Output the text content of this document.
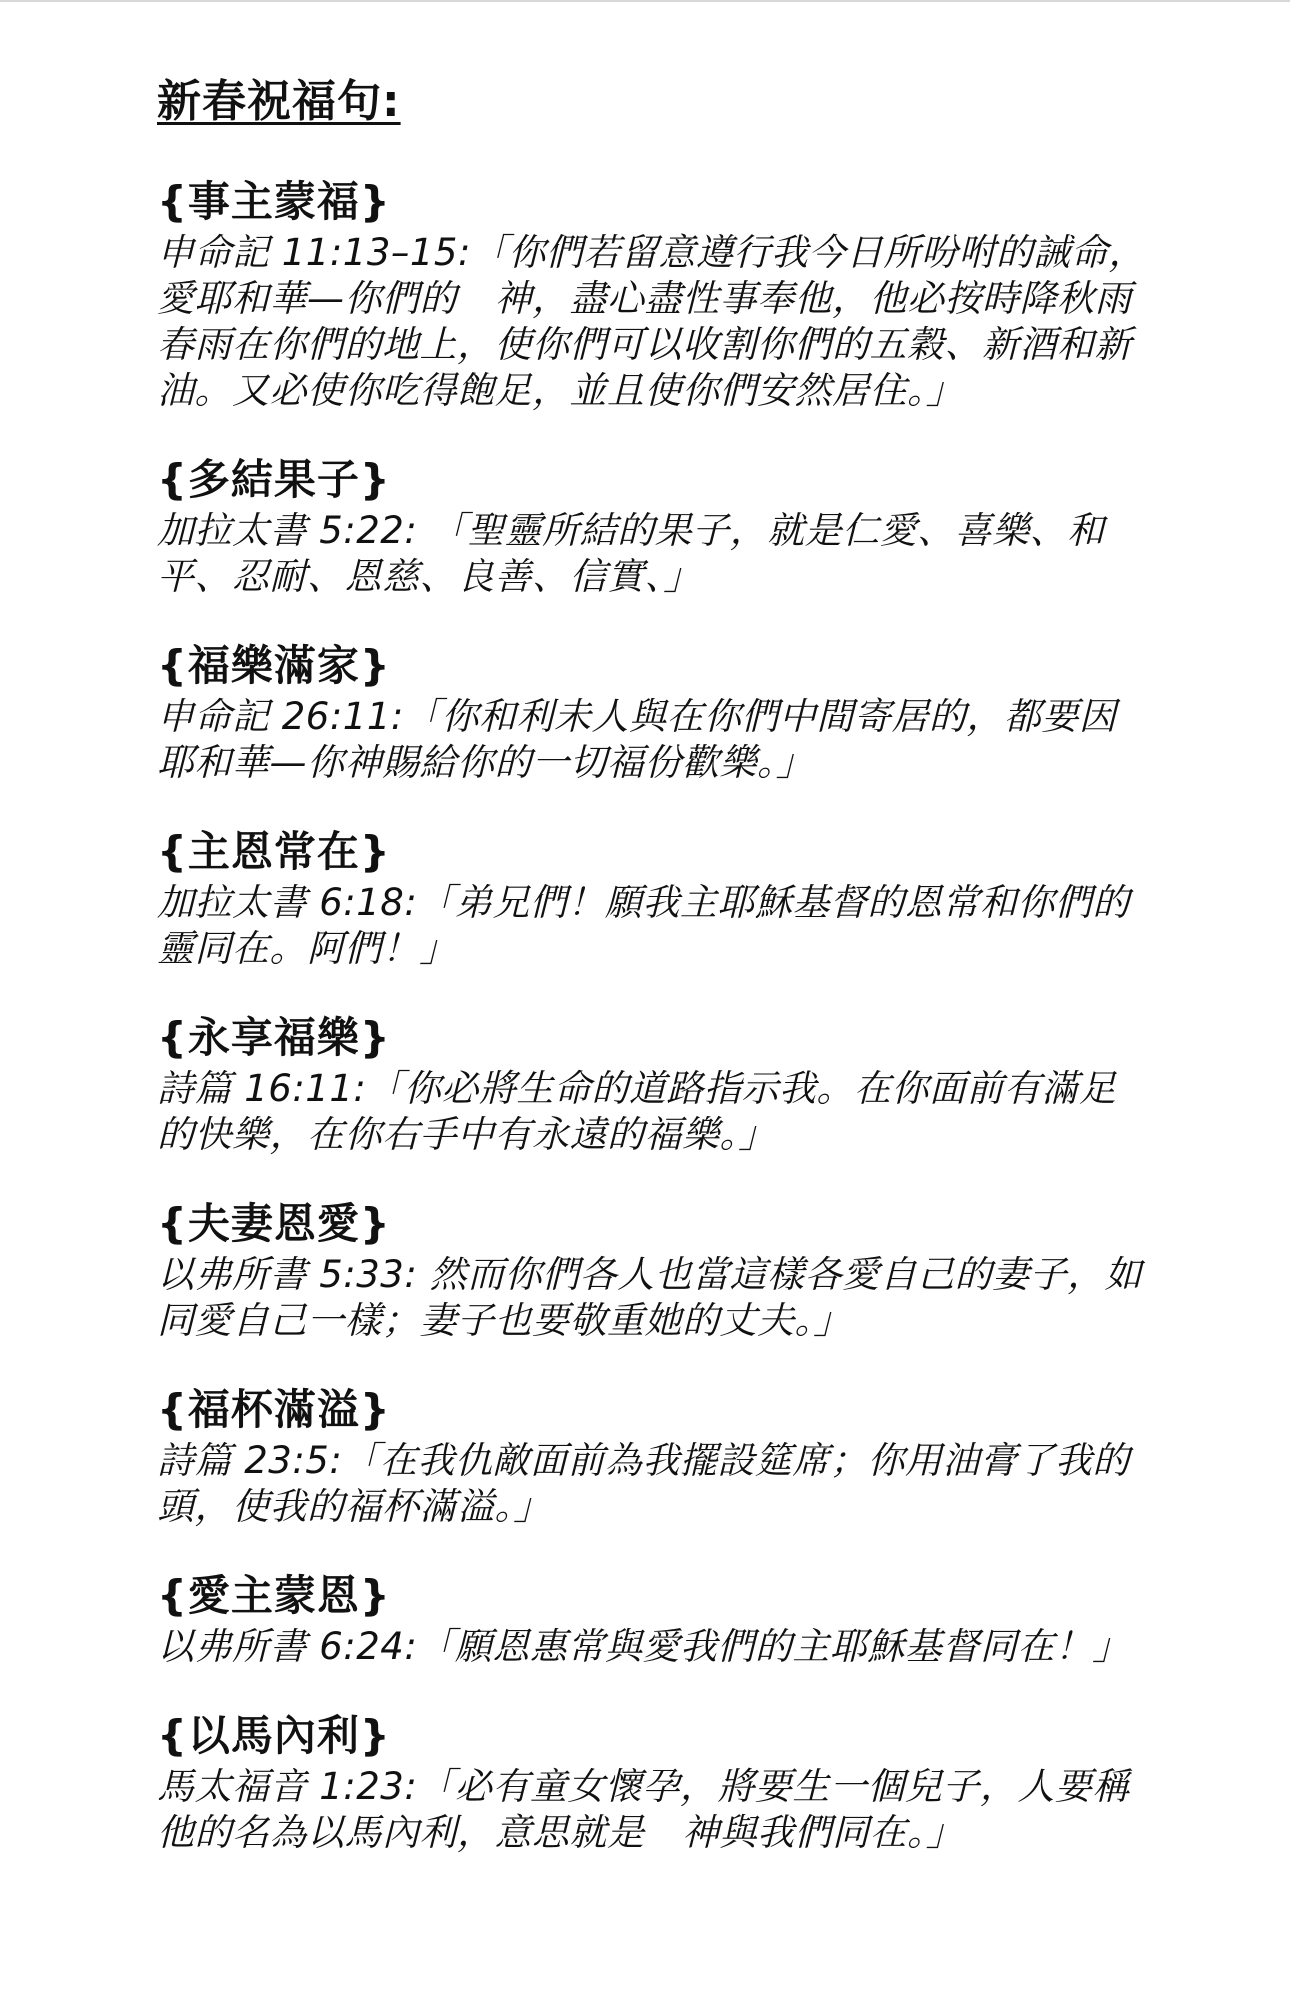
新春祝福句:
{事主蒙福}

申命記 11:13–15:「你們若留意遵行我今日所吩咐的誡命，愛耶和華—你們的　神，盡心盡性事奉他，他必按時降秋雨春雨在你們的地上，使你們可以收割你們的五穀、新酒和新油。又必使你吃得飽足，並且使你們安然居住。」

{多結果子}

加拉太書 5:22: 「聖靈所結的果子，就是仁愛、喜樂、和平、忍耐、恩慈、良善、信實、」

{福樂滿家}

申命記 26:11:「你和利未人與在你們中間寄居的，都要因耶和華—你神賜給你的一切福份歡樂。」

{主恩常在}

加拉太書 6:18:「弟兄們！願我主耶穌基督的恩常和你們的靈同在。阿們！」

{永享福樂}

詩篇 16:11:「你必將生命的道路指示我。在你面前有滿足的快樂，在你右手中有永遠的福樂。」

{夫妻恩愛}

以弗所書 5:33: 然而你們各人也當這樣各愛自己的妻子，如同愛自己一樣；妻子也要敬重她的丈夫。」

{福杯滿溢}

詩篇 23:5:「在我仇敵面前為我擺設筵席；你用油膏了我的頭，使我的福杯滿溢。」

{愛主蒙恩}

以弗所書 6:24:「願恩惠常與愛我們的主耶穌基督同在！」

{以馬內利}

馬太福音 1:23:「必有童女懷孕，將要生一個兒子，人要稱他的名為以馬內利，意思就是　神與我們同在。」
